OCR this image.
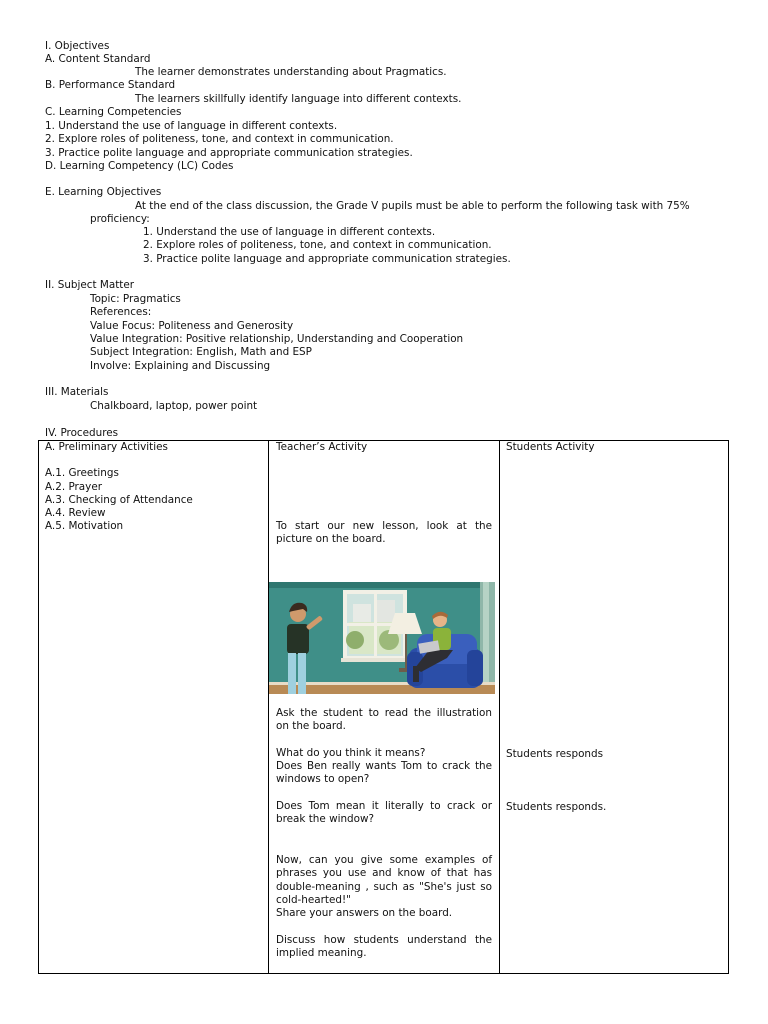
I. Objectives
A. Content Standard
The learner demonstrates understanding about Pragmatics.
B. Performance Standard
The learners skillfully identify language into different contexts.
C. Learning Competencies
1. Understand the use of language in different contexts.
2. Explore roles of politeness, tone, and context in communication.
3. Practice polite language and appropriate communication strategies.
D. Learning Competency (LC) Codes
E. Learning Objectives
At the end of the class discussion, the Grade V pupils must be able to perform the following task with 75%
proficiency:
1. Understand the use of language in different contexts.
2. Explore roles of politeness, tone, and context in communication.
3. Practice polite language and appropriate communication strategies.
II. Subject Matter
Topic: Pragmatics
References:
Value Focus: Politeness and Generosity
Value Integration: Positive relationship, Understanding and Cooperation
Subject Integration: English, Math and ESP
Involve: Explaining and Discussing
III. Materials
Chalkboard, laptop, power point
IV. Procedures
A. Preliminary Activities
A.1. Greetings
A.2. Prayer
A.3. Checking of Attendance
A.4. Review
A.5. Motivation
Teacher’s Activity
To start our new lesson, look at the picture on the board.
Ask the student to read the illustration on the board.
What do you think it means?
Does Ben really wants Tom to crack the windows to open?
Does Tom mean it literally to crack or break the window?
Now, can you give some examples of phrases you use and know of that has double-meaning , such as "She's just so cold-hearted!"
Share your answers on the board.
Discuss how students understand the implied meaning.
Students Activity
Students responds
Students responds.
